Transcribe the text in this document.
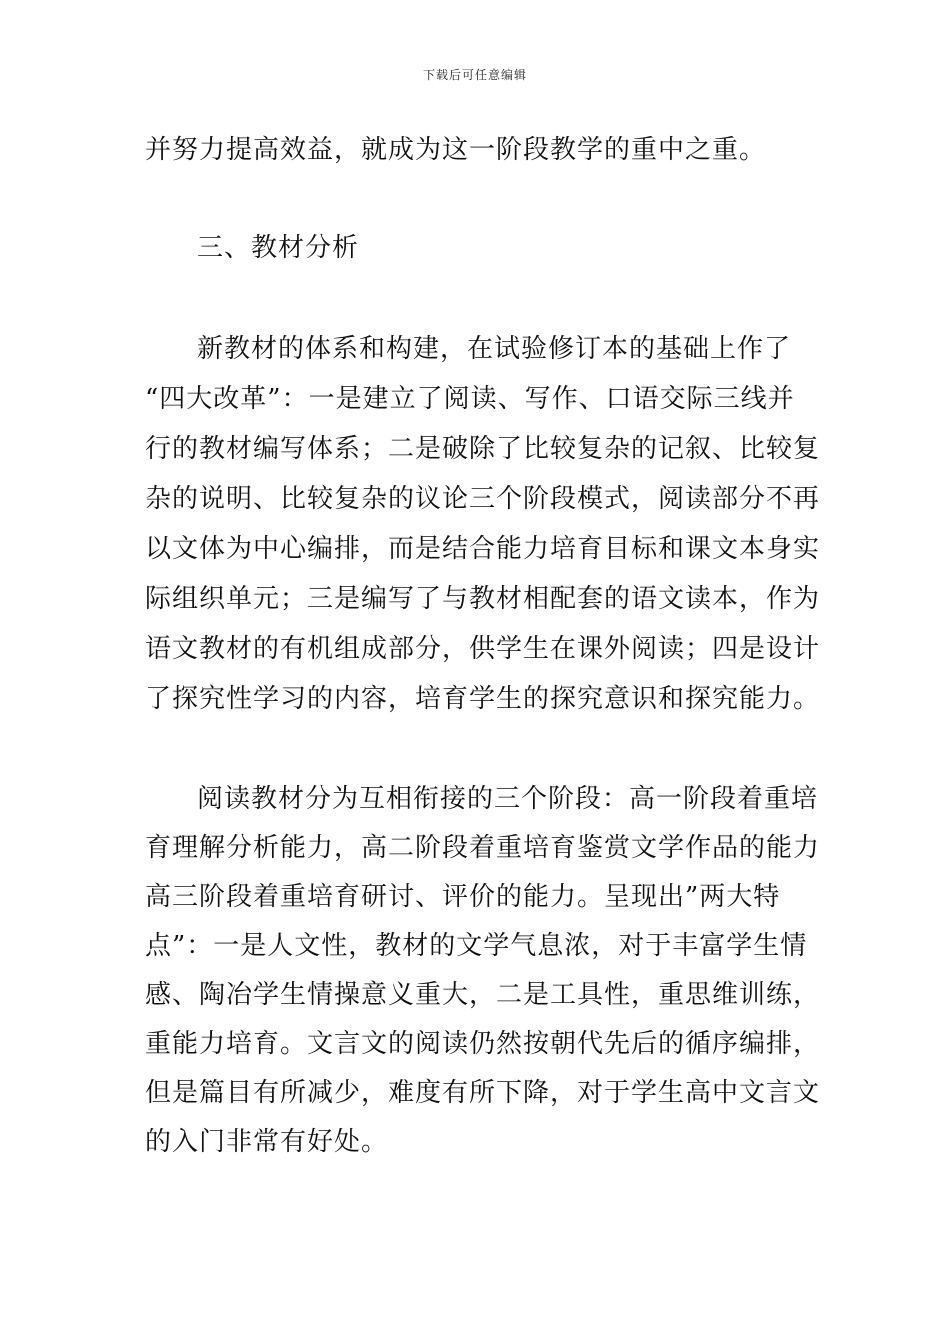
下载后可任意编辑
并努力提高效益，就成为这一阶段教学的重中之重。
三、教材分析
新教材的体系和构建，在试验修订本的基础上作了
“四大改革”：一是建立了阅读、写作、口语交际三线并
行的教材编写体系；二是破除了比较复杂的记叙、比较复
杂的说明、比较复杂的议论三个阶段模式，阅读部分不再
以文体为中心编排，而是结合能力培育目标和课文本身实
际组织单元；三是编写了与教材相配套的语文读本，作为
语文教材的有机组成部分，供学生在课外阅读；四是设计
了探究性学习的内容，培育学生的探究意识和探究能力。
阅读教材分为互相衔接的三个阶段：高一阶段着重培
育理解分析能力，高二阶段着重培育鉴赏文学作品的能力
高三阶段着重培育研讨、评价的能力。呈现出”两大特
点”：一是人文性，教材的文学气息浓，对于丰富学生情
感、陶冶学生情操意义重大，二是工具性，重思维训练，
重能力培育。文言文的阅读仍然按朝代先后的循序编排，
但是篇目有所减少，难度有所下降，对于学生高中文言文
的入门非常有好处。
